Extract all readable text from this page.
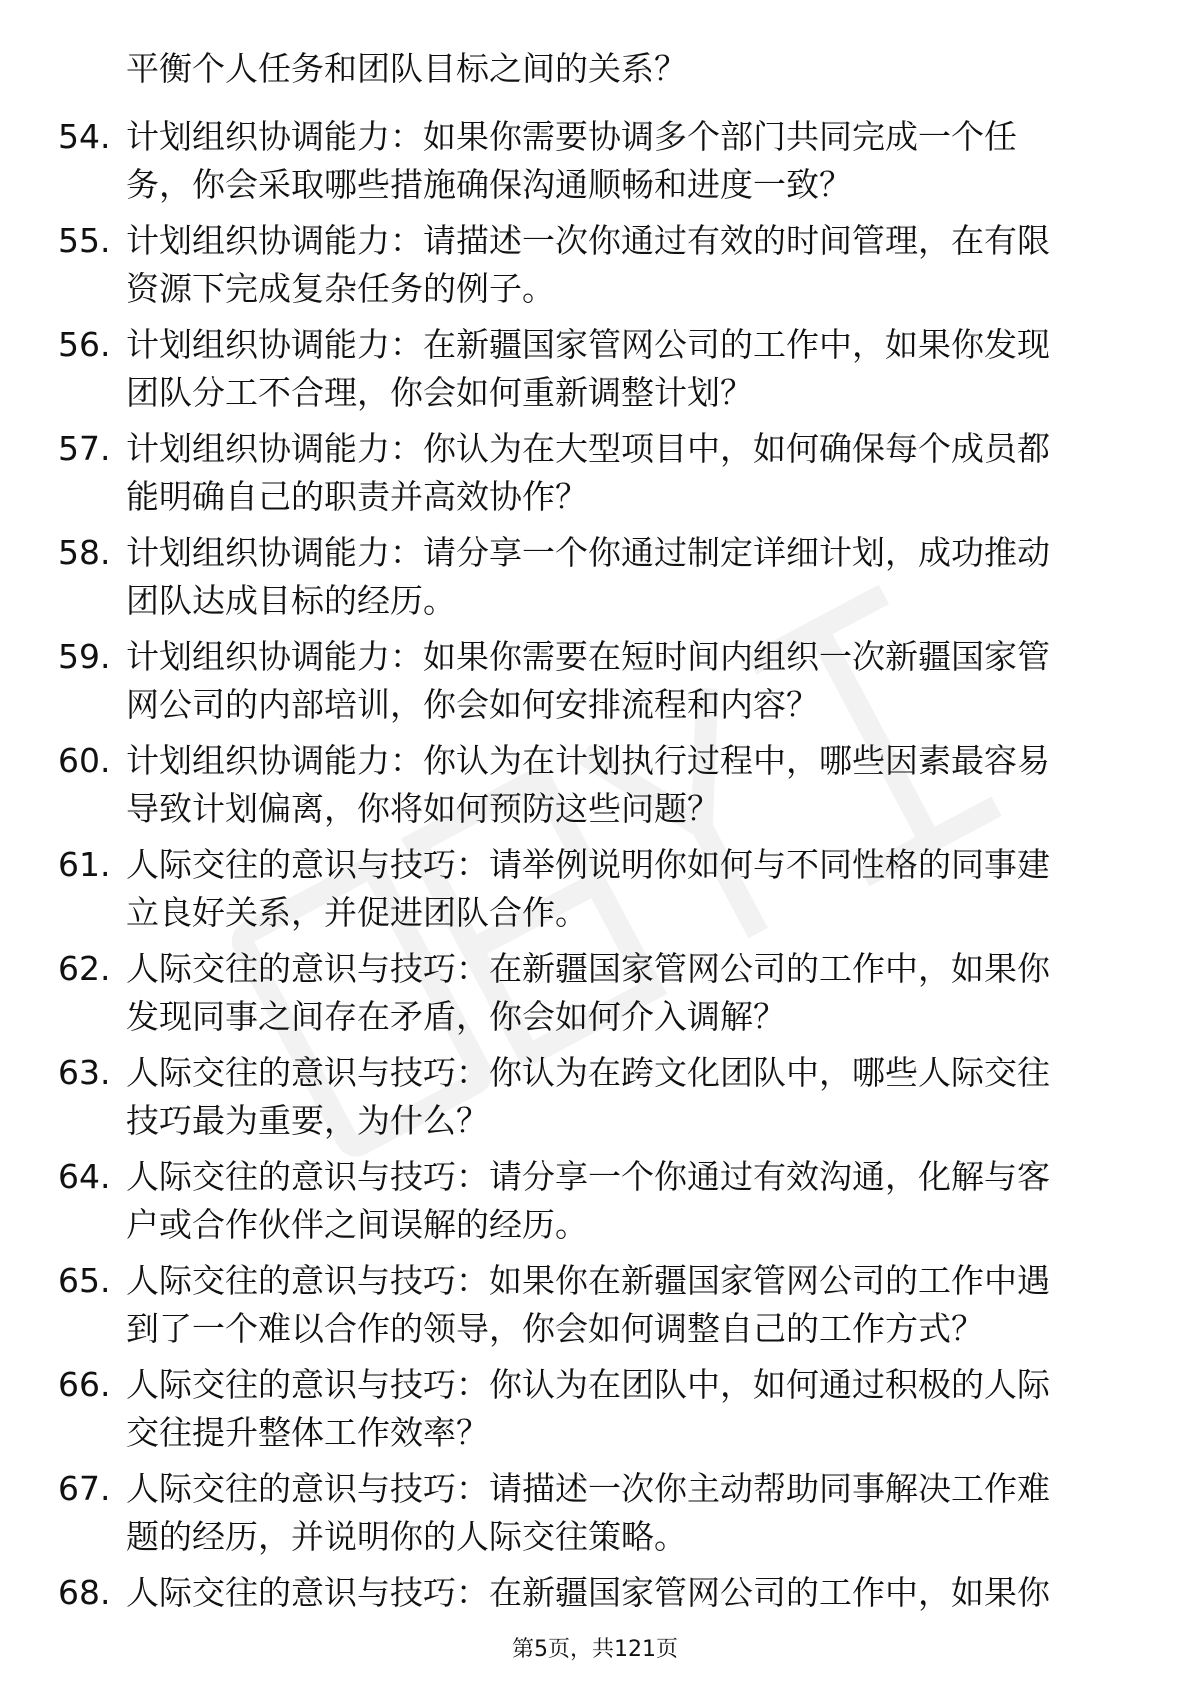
平衡个人任务和团队目标之间的关系？
54. 计划组织协调能力：如果你需要协调多个部门共同完成一个任
务，你会采取哪些措施确保沟通顺畅和进度一致？
55. 计划组织协调能力：请描述一次你通过有效的时间管理，在有限
资源下完成复杂任务的例子。
56. 计划组织协调能力：在新疆国家管网公司的工作中，如果你发现
团队分工不合理，你会如何重新调整计划？
57. 计划组织协调能力：你认为在大型项目中，如何确保每个成员都
能明确自己的职责并高效协作？
58. 计划组织协调能力：请分享一个你通过制定详细计划，成功推动
团队达成目标的经历。
59. 计划组织协调能力：如果你需要在短时间内组织一次新疆国家管
网公司的内部培训，你会如何安排流程和内容？
60. 计划组织协调能力：你认为在计划执行过程中，哪些因素最容易
导致计划偏离，你将如何预防这些问题？
61. 人际交往的意识与技巧：请举例说明你如何与不同性格的同事建
立良好关系，并促进团队合作。
62. 人际交往的意识与技巧：在新疆国家管网公司的工作中，如果你
发现同事之间存在矛盾，你会如何介入调解？
63. 人际交往的意识与技巧：你认为在跨文化团队中，哪些人际交往
技巧最为重要，为什么？
64. 人际交往的意识与技巧：请分享一个你通过有效沟通，化解与客
户或合作伙伴之间误解的经历。
65. 人际交往的意识与技巧：如果你在新疆国家管网公司的工作中遇
到了一个难以合作的领导，你会如何调整自己的工作方式？
66. 人际交往的意识与技巧：你认为在团队中，如何通过积极的人际
交往提升整体工作效率？
67. 人际交往的意识与技巧：请描述一次你主动帮助同事解决工作难
题的经历，并说明你的人际交往策略。
68. 人际交往的意识与技巧：在新疆国家管网公司的工作中，如果你
第5页，共121页
